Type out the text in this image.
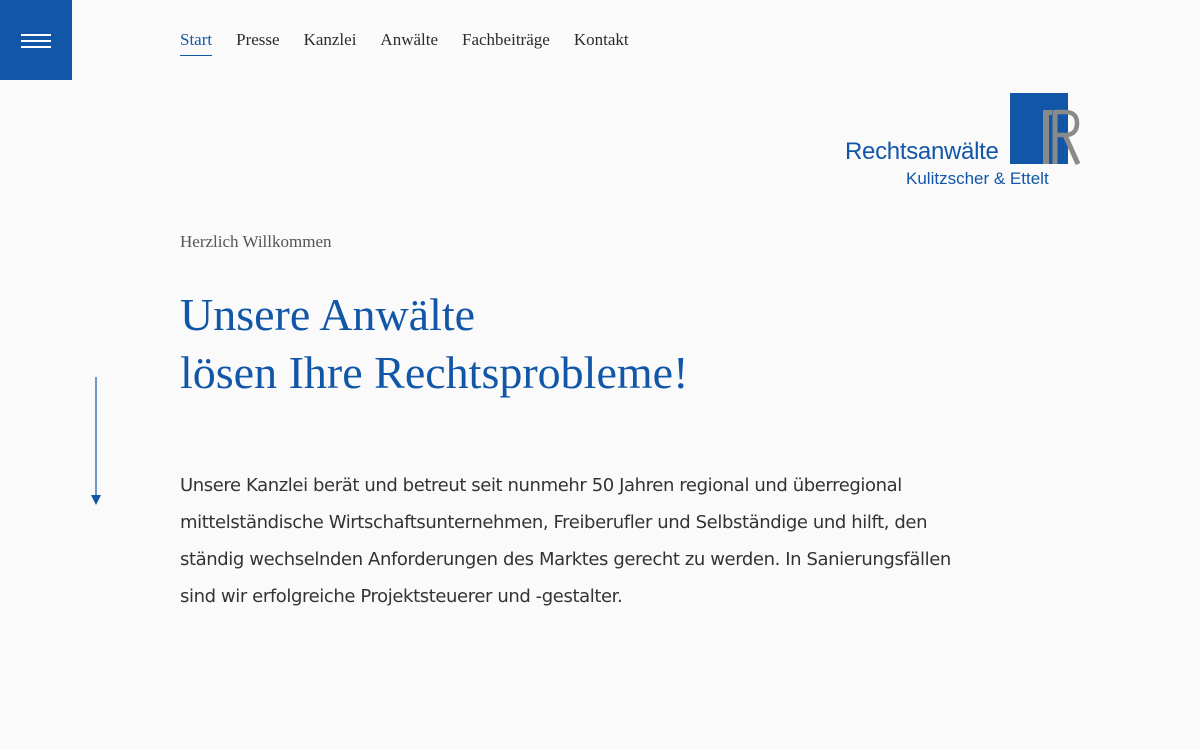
Start Presse Kanzlei Anwälte Fachbeiträge Kontakt
Rechtsanwälte
Kulitzscher & Ettelt
Herzlich Willkommen
Unsere Anwälte
lösen Ihre Rechtsprobleme!

Unsere Kanzlei berät und betreut seit nunmehr 50 Jahren regional und überregional mittelständische Wirtschaftsunternehmen, Freiberufler und Selbständige und hilft, den ständig wechselnden Anforderungen des Marktes gerecht zu werden. In Sanierungsfällen sind wir erfolgreiche Projektsteuerer und -gestalter.
